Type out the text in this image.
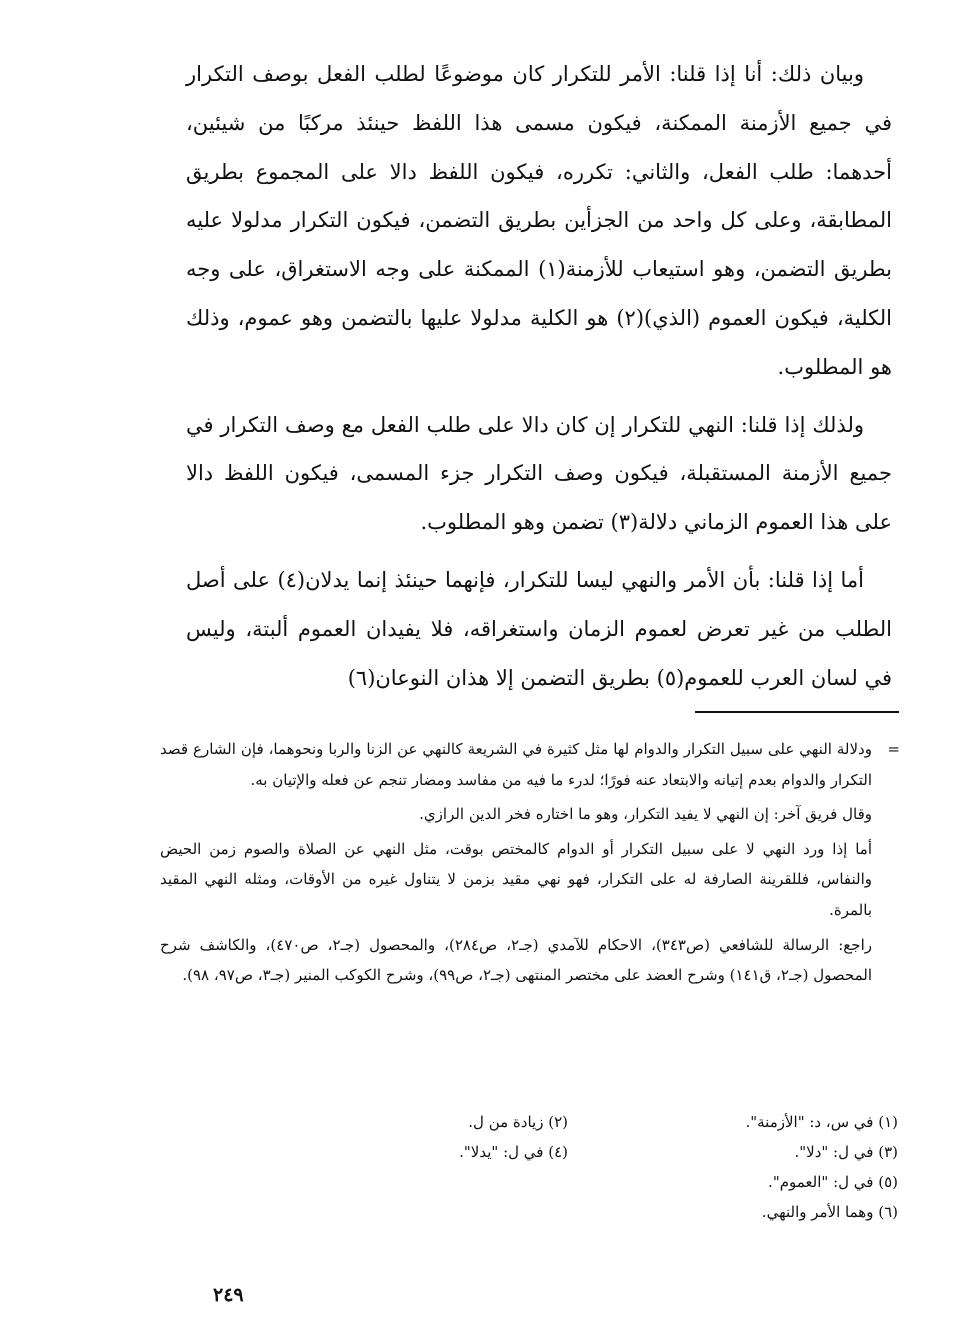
وبيان ذلك: أنا إذا قلنا: الأمر للتكرار كان موضوعًا لطلب الفعل بوصف التكرار في جميع الأزمنة الممكنة، فيكون مسمى هذا اللفظ حينئذ مركبًا من شيئين، أحدهما: طلب الفعل، والثاني: تكرره، فيكون اللفظ دالا على المجموع بطريق المطابقة، وعلى كل واحد من الجزأين بطريق التضمن، فيكون التكرار مدلولا عليه بطريق التضمن، وهو استيعاب للأزمنة(١) الممكنة على وجه الاستغراق، على وجه الكلية، فيكون العموم (الذي)(٢) هو الكلية مدلولا عليها بالتضمن وهو عموم، وذلك هو المطلوب.

ولذلك إذا قلنا: النهي للتكرار إن كان دالا على طلب الفعل مع وصف التكرار في جميع الأزمنة المستقبلة، فيكون وصف التكرار جزء المسمى، فيكون اللفظ دالا على هذا العموم الزماني دلالة(٣) تضمن وهو المطلوب.

أما إذا قلنا: بأن الأمر والنهي ليسا للتكرار، فإنهما حينئذ إنما يدلان(٤) على أصل الطلب من غير تعرض لعموم الزمان واستغراقه، فلا يفيدان العموم ألبتة، وليس في لسان العرب للعموم(٥) بطريق التضمن إلا هذان النوعان(٦)

=

ودلالة النهي على سبيل التكرار والدوام لها مثل كثيرة في الشريعة كالنهي عن الزنا والربا ونحوهما، فإن الشارع قصد التكرار والدوام بعدم إتيانه والابتعاد عنه فورًا؛ لدرء ما فيه من مفاسد ومضار تنجم عن فعله والإتيان به.

وقال فريق آخر: إن النهي لا يفيد التكرار، وهو ما اختاره فخر الدين الرازي.

أما إذا ورد النهي لا على سبيل التكرار أو الدوام كالمختص بوقت، مثل النهي عن الصلاة والصوم زمن الحيض والنفاس، فللقرينة الصارفة له على التكرار، فهو نهي مقيد بزمن لا يتناول غيره من الأوقات، ومثله النهي المقيد بالمرة.

راجع: الرسالة للشافعي (ص٣٤٣)، الاحكام للآمدي (جـ٢، ص٢٨٤)، والمحصول (جـ٢، ص٤٧٠)، والكاشف شرح المحصول (جـ٢، ق١٤١) وشرح العضد على مختصر المنتهى (جـ٢، ص٩٩)، وشرح الكوكب المنير (جـ٣، ص٩٧، ٩٨).

(١) في س، د: "الأزمنة".
(٢) زيادة من ل.
(٣) في ل: "دلا".
(٤) في ل: "يدلا".
(٥) في ل: "العموم".
(٦) وهما الأمر والنهي.
٢٤٩
